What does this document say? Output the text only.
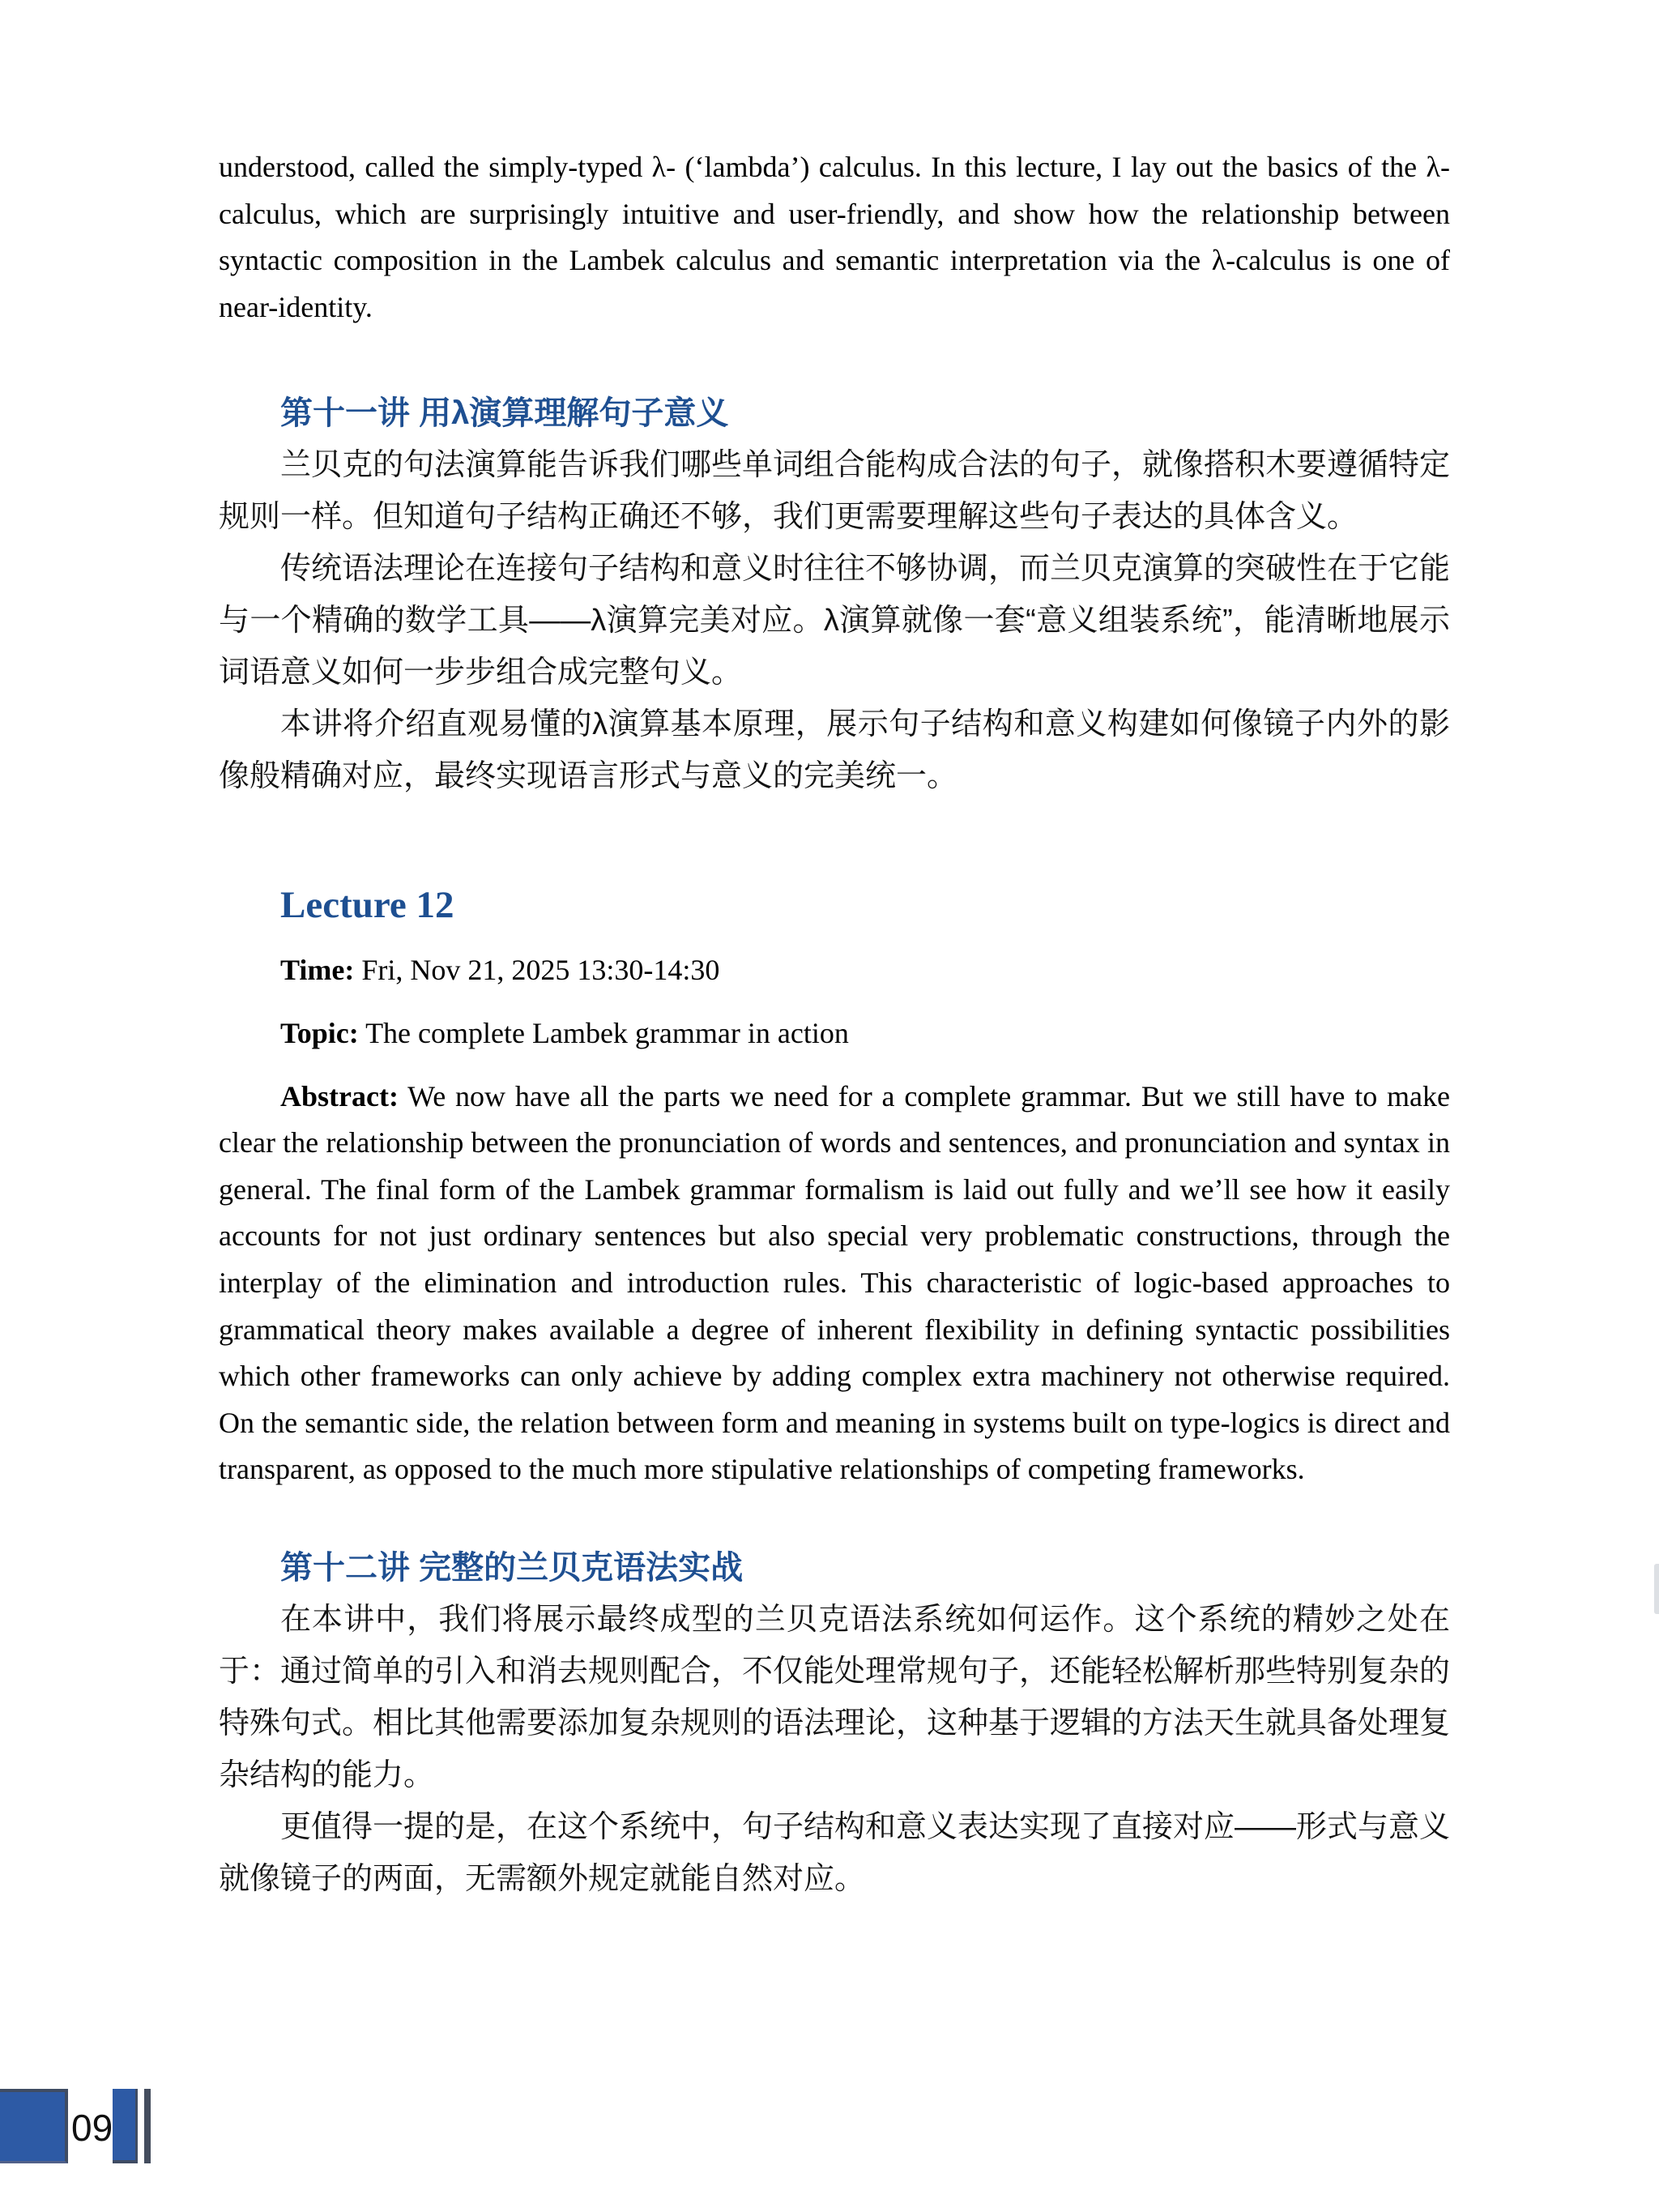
understood, called the simply-typed λ- (‘lambda’) calculus. In this lecture, I lay out the basics of the λ-calculus, which are surprisingly intuitive and user-friendly, and show how the relationship between syntactic composition in the Lambek calculus and semantic interpretation via the λ-calculus is one of near-identity.

第十一讲 用λ演算理解句子意义

兰贝克的句法演算能告诉我们哪些单词组合能构成合法的句子，就像搭积木要遵循特定规则一样。但知道句子结构正确还不够，我们更需要理解这些句子表达的具体含义。

传统语法理论在连接句子结构和意义时往往不够协调，而兰贝克演算的突破性在于它能与一个精确的数学工具——λ演算完美对应。λ演算就像一套“意义组装系统”，能清晰地展示词语意义如何一步步组合成完整句义。

本讲将介绍直观易懂的λ演算基本原理，展示句子结构和意义构建如何像镜子内外的影像般精确对应，最终实现语言形式与意义的完美统一。

Lecture 12

Time: Fri, Nov 21, 2025 13:30-14:30

Topic: The complete Lambek grammar in action

Abstract: We now have all the parts we need for a complete grammar. But we still have to make clear the relationship between the pronunciation of words and sentences, and pronunciation and syntax in general. The final form of the Lambek grammar formalism is laid out fully and we’ll see how it easily accounts for not just ordinary sentences but also special very problematic constructions, through the interplay of the elimination and introduction rules. This characteristic of logic-based approaches to grammatical theory makes available a degree of inherent flexibility in defining syntactic possibilities which other frameworks can only achieve by adding complex extra machinery not otherwise required. On the semantic side, the relation between form and meaning in systems built on type-logics is direct and transparent, as opposed to the much more stipulative relationships of competing frameworks.

第十二讲 完整的兰贝克语法实战

在本讲中，我们将展示最终成型的兰贝克语法系统如何运作。这个系统的精妙之处在于：通过简单的引入和消去规则配合，不仅能处理常规句子，还能轻松解析那些特别复杂的特殊句式。相比其他需要添加复杂规则的语法理论，这种基于逻辑的方法天生就具备处理复杂结构的能力。

更值得一提的是，在这个系统中，句子结构和意义表达实现了直接对应——形式与意义就像镜子的两面，无需额外规定就能自然对应。

09
